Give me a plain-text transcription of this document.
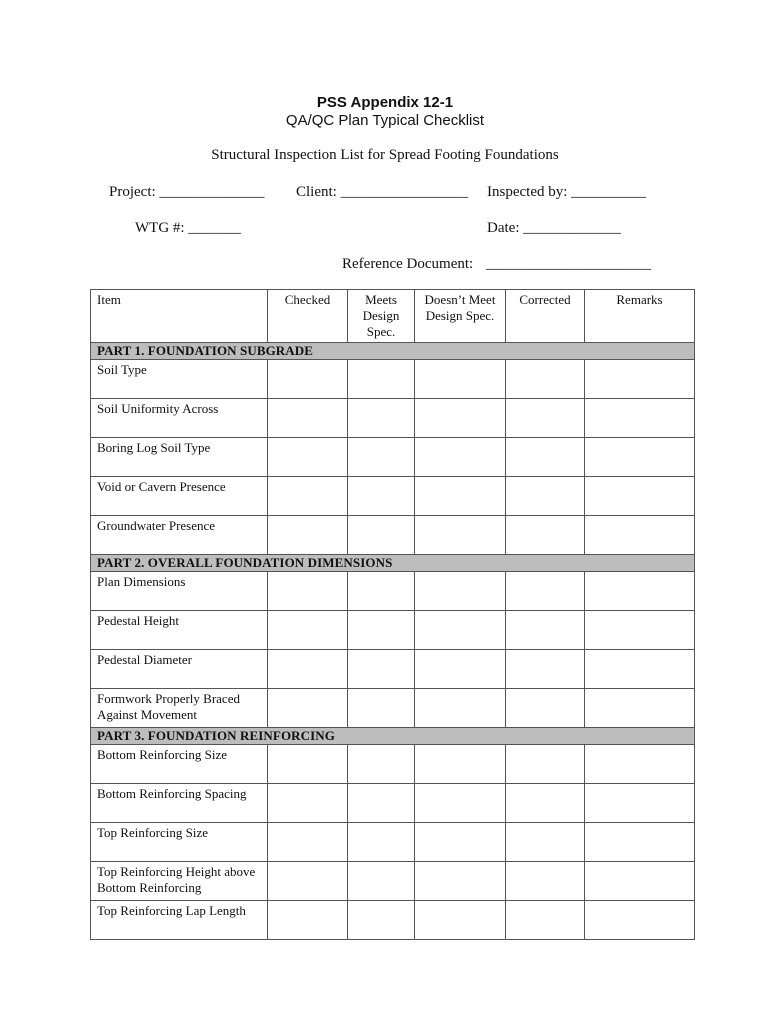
PSS Appendix 12-1
QA/QC Plan Typical Checklist
Structural Inspection List for Spread Footing Foundations
Project: ______________ Client: _________________ Inspected by: __________
WTG #: _______	Date: _____________
Reference Document: ______________________
Item	Checked	Meets Design Spec.	Doesn’t Meet Design Spec.	Corrected	Remarks
PART 1. FOUNDATION SUBGRADE					
Soil Type					
Soil Uniformity Across					
Boring Log Soil Type					
Void or Cavern Presence					
Groundwater Presence					
PART 2. OVERALL FOUNDATION DIMENSIONS					
Plan Dimensions					
Pedestal Height					
Pedestal Diameter					
Formwork Properly Braced Against Movement					
PART 3. FOUNDATION REINFORCING					
Bottom Reinforcing Size					
Bottom Reinforcing Spacing					
Top Reinforcing Size					
Top Reinforcing Height above Bottom Reinforcing					
Top Reinforcing Lap Length					
